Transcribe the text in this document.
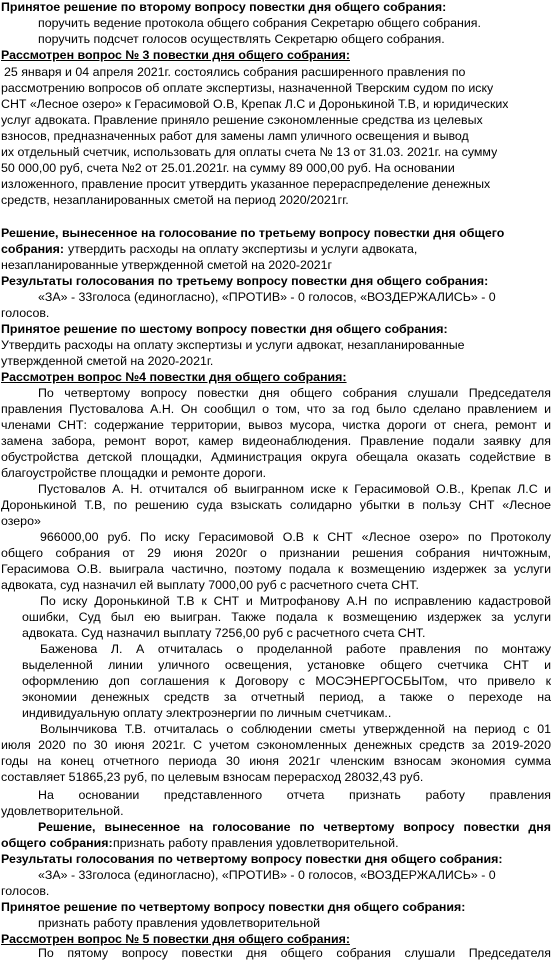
Принятое решение по второму вопросу повестки дня общего собрания:
поручить ведение протокола общего собрания Секретарю общего собрания.
поручить подсчет голосов осуществлять Секретарю общего собрания.
Рассмотрен вопрос № 3 повестки дня общего собрания:
25 января и 04 апреля 2021г. состоялись собрания расширенного правления по
рассмотрению вопросов об оплате экспертизы, назначенной Тверским судом по иску
СНТ «Лесное озеро» к Герасимовой О.В, Крепак Л.С и Доронькиной Т.В, и юридических
услуг адвоката. Правление приняло решение сэкономленные средства из целевых
взносов, предназначенных работ для замены ламп уличного освещения и вывод
их отдельный счетчик, использовать для оплаты счета № 13 от 31.03. 2021г. на сумму
50 000,00 руб, счета №2 от 25.01.2021г. на сумму 89 000,00 руб. На основании
изложенного, правление просит утвердить указанное перераспределение денежных
средств, незапланированных сметой на период 2020/2021гг.
Решение, вынесенное на голосование по третьему вопросу повестки дня общего
собрания: утвердить расходы на оплату экспертизы и услуги адвоката,
незапланированные утвержденной сметой на 2020-2021г
Результаты голосования по третьему вопросу повестки дня общего собрания:
«ЗА» - 33голоса (единогласно), «ПРОТИВ» - 0 голосов, «ВОЗДЕРЖАЛИСЬ» - 0
голосов.
Принятое решение по шестому вопросу повестки дня общего собрания:
Утвердить расходы на оплату экспертизы и услуги адвокат, незапланированные
утвержденной сметой на 2020-2021г.
Рассмотрен вопрос №4 повестки дня общего собрания:
По четвертому вопросу повестки дня общего собрания слушали Председателя
правления Пустовалова А.Н. Он сообщил о том, что за год было сделано правлением и
членами СНТ: содержание территории, вывоз мусора, чистка дороги от снега, ремонт и
замена забора, ремонт ворот, камер видеонаблюдения. Правление подали заявку для
обустройства детской площадки, Администрация округа обещала оказать содействие в
благоустройстве площадки и ремонте дороги.
Пустовалов А. Н. отчитался об выигранном иске к Герасимовой О.В., Крепак Л.С и
Доронькиной Т.В, по решению суда взыскать солидарно убытки в пользу СНТ «Лесное
озеро»
966000,00 руб. По иску Герасимовой О.В к СНТ «Лесное озеро» по Протоколу
общего собрания от 29 июня 2020г о признании решения собрания ничтожным,
Герасимова О.В. выиграла частично, поэтому подала к возмещению издержек за услуги
адвоката, суд назначил ей выплату 7000,00 руб с расчетного счета СНТ.
По иску Доронькиной Т.В к СНТ и Митрофанову А.Н по исправлению кадастровой
ошибки, Суд был ею выигран. Также подала к возмещению издержек за услуги
адвоката. Суд назначил выплату 7256,00 руб с расчетного счета СНТ.
Баженова Л. А отчиталась о проделанной работе правления по монтажу
выделенной линии уличного освещения, установке общего счетчика СНТ и
оформлению доп соглашения к Договору с МОСЭНЕРГОСБЫТом, что привело к
экономии денежных средств за отчетный период, а также о переходе на
индивидуальную оплату электроэнергии по личным счетчикам..
Волынчикова Т.В. отчиталась о соблюдении сметы утвержденной на период с 01
июля 2020 по 30 июня 2021г. С учетом сэкономленных денежных средств за 2019-2020
годы на конец отчетного периода 30 июня 2021г членским взносам экономия сумма
составляет 51865,23 руб, по целевым взносам перерасход 28032,43 руб.
На основании представленного отчета признать работу правления
удовлетворительной.
Решение, вынесенное на голосование по четвертому вопросу повестки дня
общего собрания: признать работу правления удовлетворительной.
Результаты голосования по четвертому вопросу повестки дня общего собрания:
«ЗА» - 33голоса (единогласно), «ПРОТИВ» - 0 голосов, «ВОЗДЕРЖАЛИСЬ» - 0
голосов.
Принятое решение по четвертому вопросу повестки дня общего собрания:
признать работу правления удовлетворительной
Рассмотрен вопрос № 5 повестки дня общего собрания:
По пятому вопросу повестки дня общего собрания слушали Председателя
